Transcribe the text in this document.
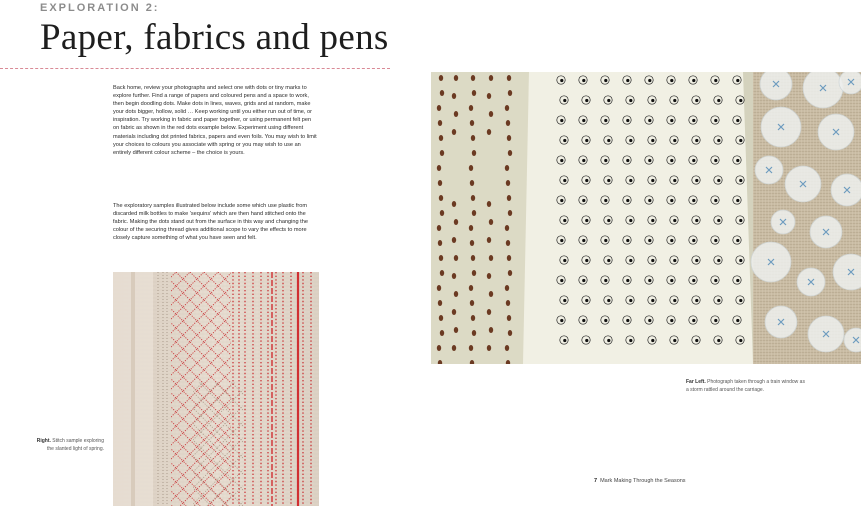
EXPLORATION 2:
Paper, fabrics and pens

Back home, review your photographs and select one with dots or tiny marks to explore further. Find a range of papers and coloured pens and a space to work, then begin doodling dots. Make dots in lines, waves, grids and at random, make your dots bigger, hollow, solid … Keep working until you either run out of time, or inspiration. Try working in fabric and paper together, or using permanent felt pen on fabric as shown in the red dots example below. Experiment using different materials including dot printed fabrics, papers and even foils. You may wish to limit your choices to colours you associate with spring or you may wish to use an entirely different colour scheme – the choice is yours.

The exploratory samples illustrated below include some which use plastic from discarded milk bottles to make 'sequins' which are then hand stitched onto the fabric. Making the dots stand out from the surface in this way and changing the colour of the securing thread gives additional scope to vary the effects to more closely capture something of what you have seen and felt.

Right. Stitch sample exploring the slanted light of spring.
Far Left. Photograph taken through a train window as a storm rattled around the carriage.
7 Mark Making Through the Seasons
